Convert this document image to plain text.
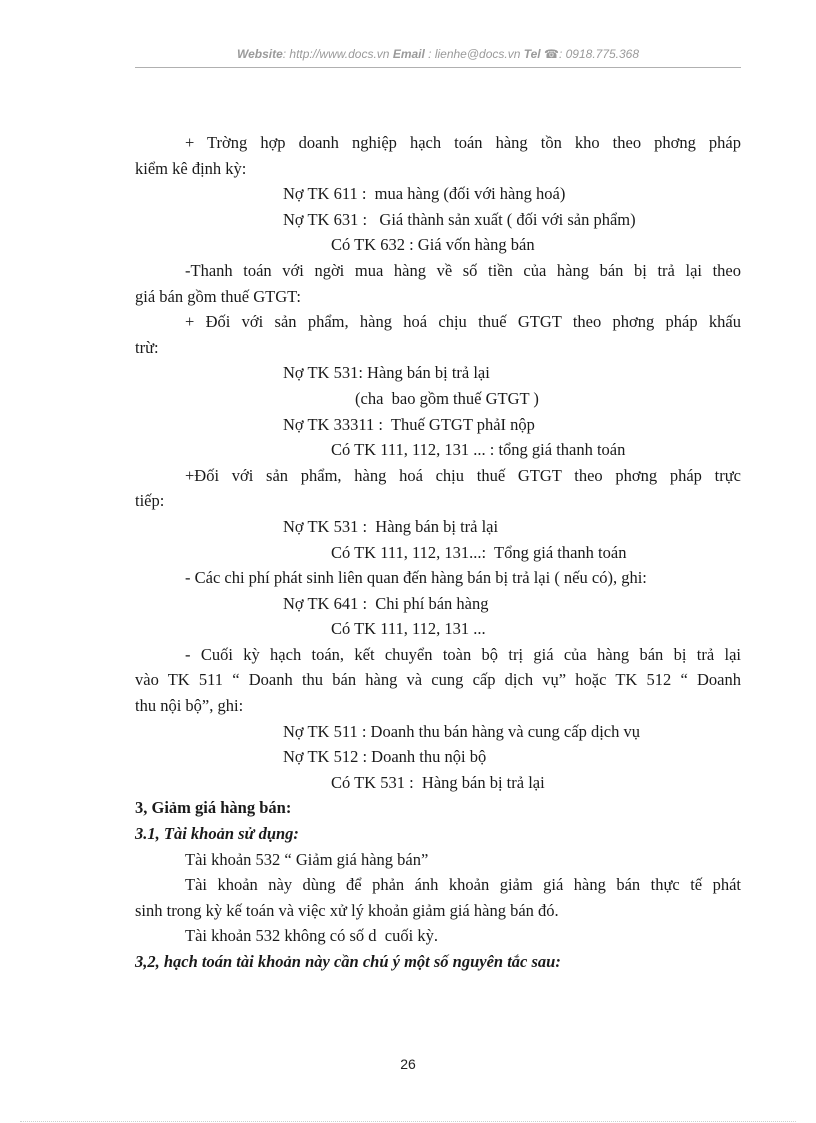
Website: http://www.docs.vn Email : lienhe@docs.vn Tel ☎: 0918.775.368
+ Trờng hợp doanh nghiệp hạch toán hàng tồn kho theo phơng pháp
kiểm kê định kỳ:
Nợ TK 611 :  mua hàng (đối với hàng hoá)
Nợ TK 631 :   Giá thành sản xuất ( đối với sản phẩm)
Có TK 632 : Giá vốn hàng bán
-Thanh toán với ngời mua hàng về số tiền của hàng bán bị trả lại theo
giá bán gồm thuế GTGT:
+ Đối với sản phẩm, hàng hoá chịu thuế GTGT theo phơng pháp khấu
trừ:
Nợ TK 531: Hàng bán bị trả lại
(cha  bao gồm thuế GTGT )
Nợ TK 33311 :  Thuế GTGT phảI nộp
Có TK 111, 112, 131 ... : tổng giá thanh toán
+Đối với sản phẩm, hàng hoá chịu thuế GTGT theo phơng pháp trực
tiếp:
Nợ TK 531 :  Hàng bán bị trả lại
Có TK 111, 112, 131...:  Tổng giá thanh toán
- Các chi phí phát sinh liên quan đến hàng bán bị trả lại ( nếu có), ghi:
Nợ TK 641 :  Chi phí bán hàng
Có TK 111, 112, 131 ...
- Cuối kỳ hạch toán, kết chuyển toàn bộ trị giá của hàng bán bị trả lại
vào TK 511 “ Doanh thu bán hàng và cung cấp dịch vụ” hoặc TK 512 “ Doanh
thu nội bộ”, ghi:
Nợ TK 511 : Doanh thu bán hàng và cung cấp dịch vụ
Nợ TK 512 : Doanh thu nội bộ
Có TK 531 :  Hàng bán bị trả lại
3, Giảm giá hàng bán:
3.1, Tài khoản sử dụng:
Tài khoản 532 “ Giảm giá hàng bán”
Tài khoản này dùng để phản ánh khoản giảm giá hàng bán thực tế phát
sinh trong kỳ kế toán và việc xử lý khoản giảm giá hàng bán đó.
Tài khoản 532 không có số d  cuối kỳ.
3,2, hạch toán tài khoản này cần chú ý một số nguyên tắc sau:
26
